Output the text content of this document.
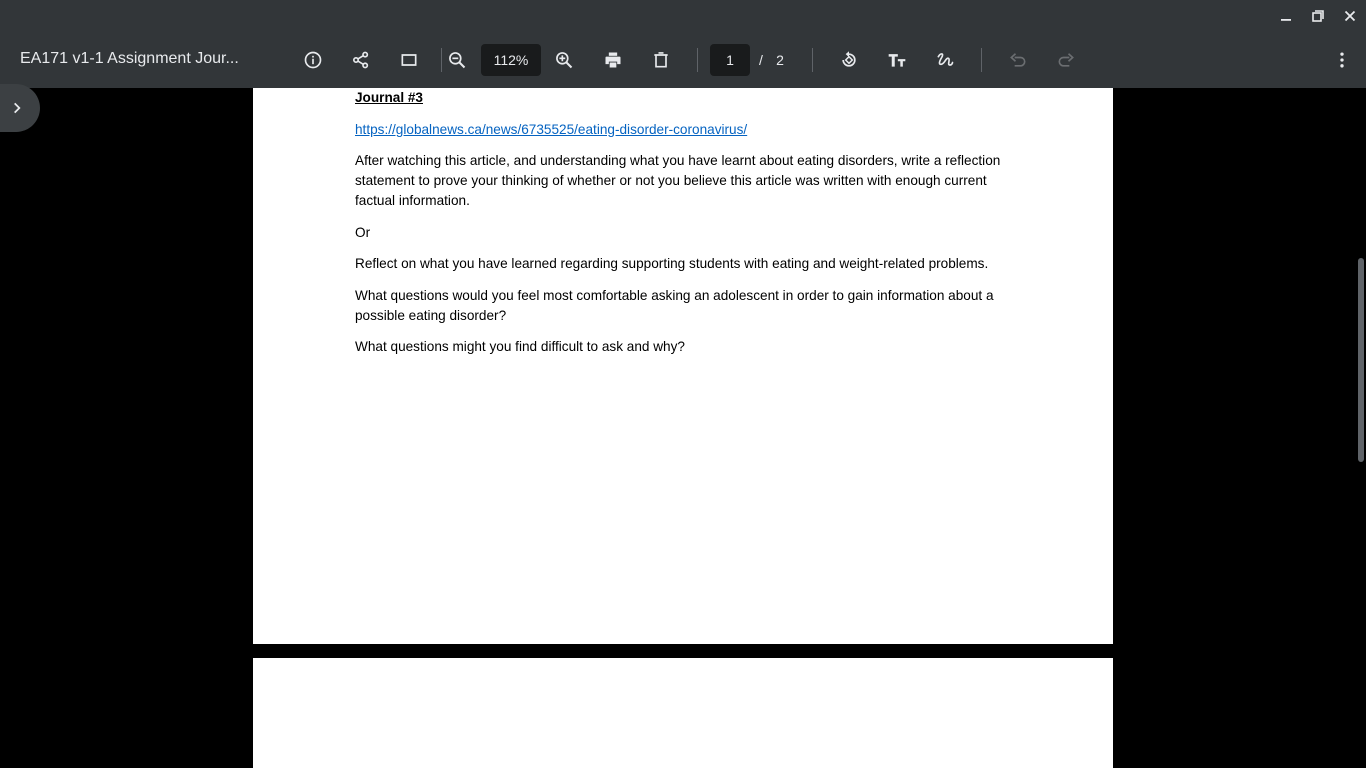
EA171 v1-1 Assignment Jour...	112%	1	/ 2

Journal #3

https://globalnews.ca/news/6735525/eating-disorder-coronavirus/

After watching this article, and understanding what you have learnt about eating disorders, write a reflection statement to prove your thinking of whether or not you believe this article was written with enough current factual information.

Or

Reflect on what you have learned regarding supporting students with eating and weight-related problems.

What questions would you feel most comfortable asking an adolescent in order to gain information about a possible eating disorder?

What questions might you find difficult to ask and why?
